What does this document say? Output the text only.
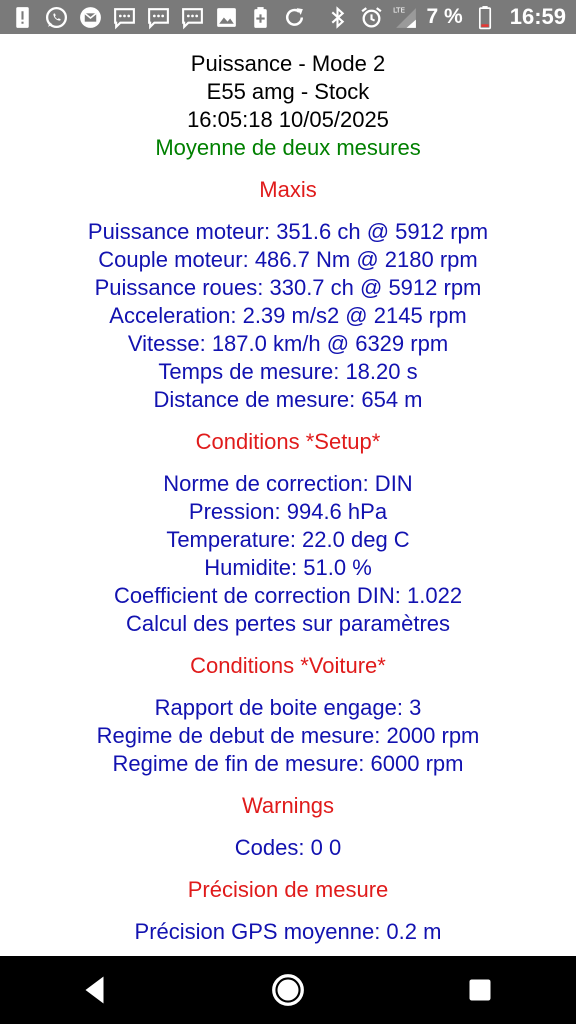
LTE 7 % 16:59
Puissance - Mode 2
E55 amg - Stock
16:05:18 10/05/2025
Moyenne de deux mesures
Maxis
Puissance moteur: 351.6 ch @ 5912 rpm
Couple moteur: 486.7 Nm @ 2180 rpm
Puissance roues: 330.7 ch @ 5912 rpm
Acceleration: 2.39 m/s2 @ 2145 rpm
Vitesse: 187.0 km/h @ 6329 rpm
Temps de mesure: 18.20 s
Distance de mesure: 654 m
Conditions *Setup*
Norme de correction: DIN
Pression: 994.6 hPa
Temperature: 22.0 deg C
Humidite: 51.0 %
Coefficient de correction DIN: 1.022
Calcul des pertes sur paramètres
Conditions *Voiture*
Rapport de boite engage: 3
Regime de debut de mesure: 2000 rpm
Regime de fin de mesure: 6000 rpm
Warnings
Codes: 0 0
Précision de mesure
Précision GPS moyenne: 0.2 m
